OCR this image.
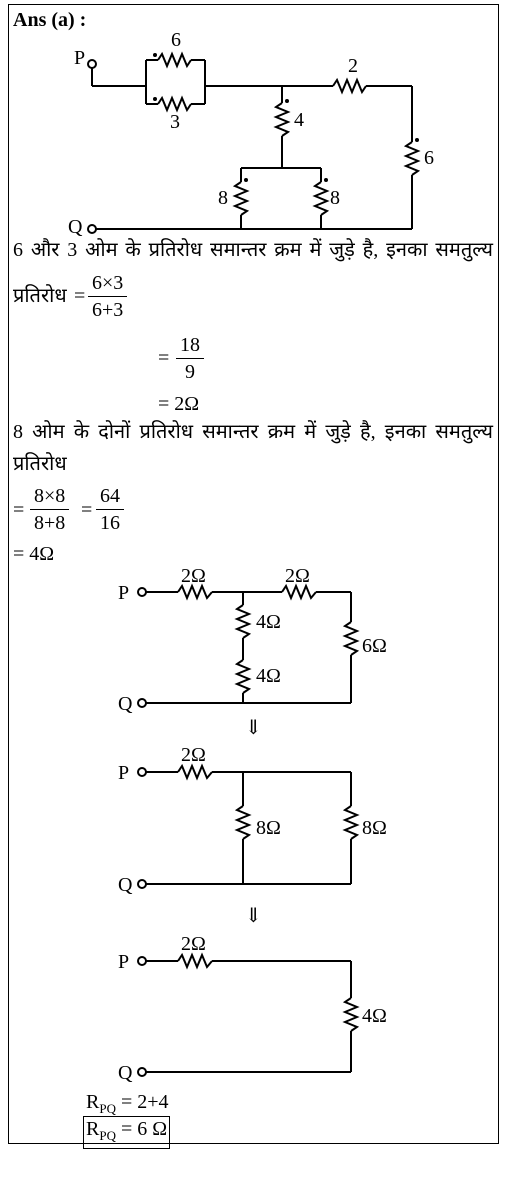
Ans (a) :
P
Q
6
3
2
4
6
8	8
6 और 3 ओम के प्रतिरोध समान्तर क्रम में जुड़े है, इनका समतुल्य
प्रतिरोध = $\frac{6\times 3}{6+3}$
= $\frac{18}{9}$
= 2Ω
8 ओम के दोनों प्रतिरोध समान्तर क्रम में जुड़े है, इनका समतुल्य
प्रतिरोध
= $\frac{8\times 8}{8+8} = \frac{64}{16}$
= 4Ω
P
Q
2Ω	2Ω
4Ω
4Ω
6Ω
⇓
P
Q
2Ω
8Ω	8Ω
⇓
P
Q
2Ω
4Ω
$R_{PQ} = 2+4$
$R_{PQ} = 6$ Ω
